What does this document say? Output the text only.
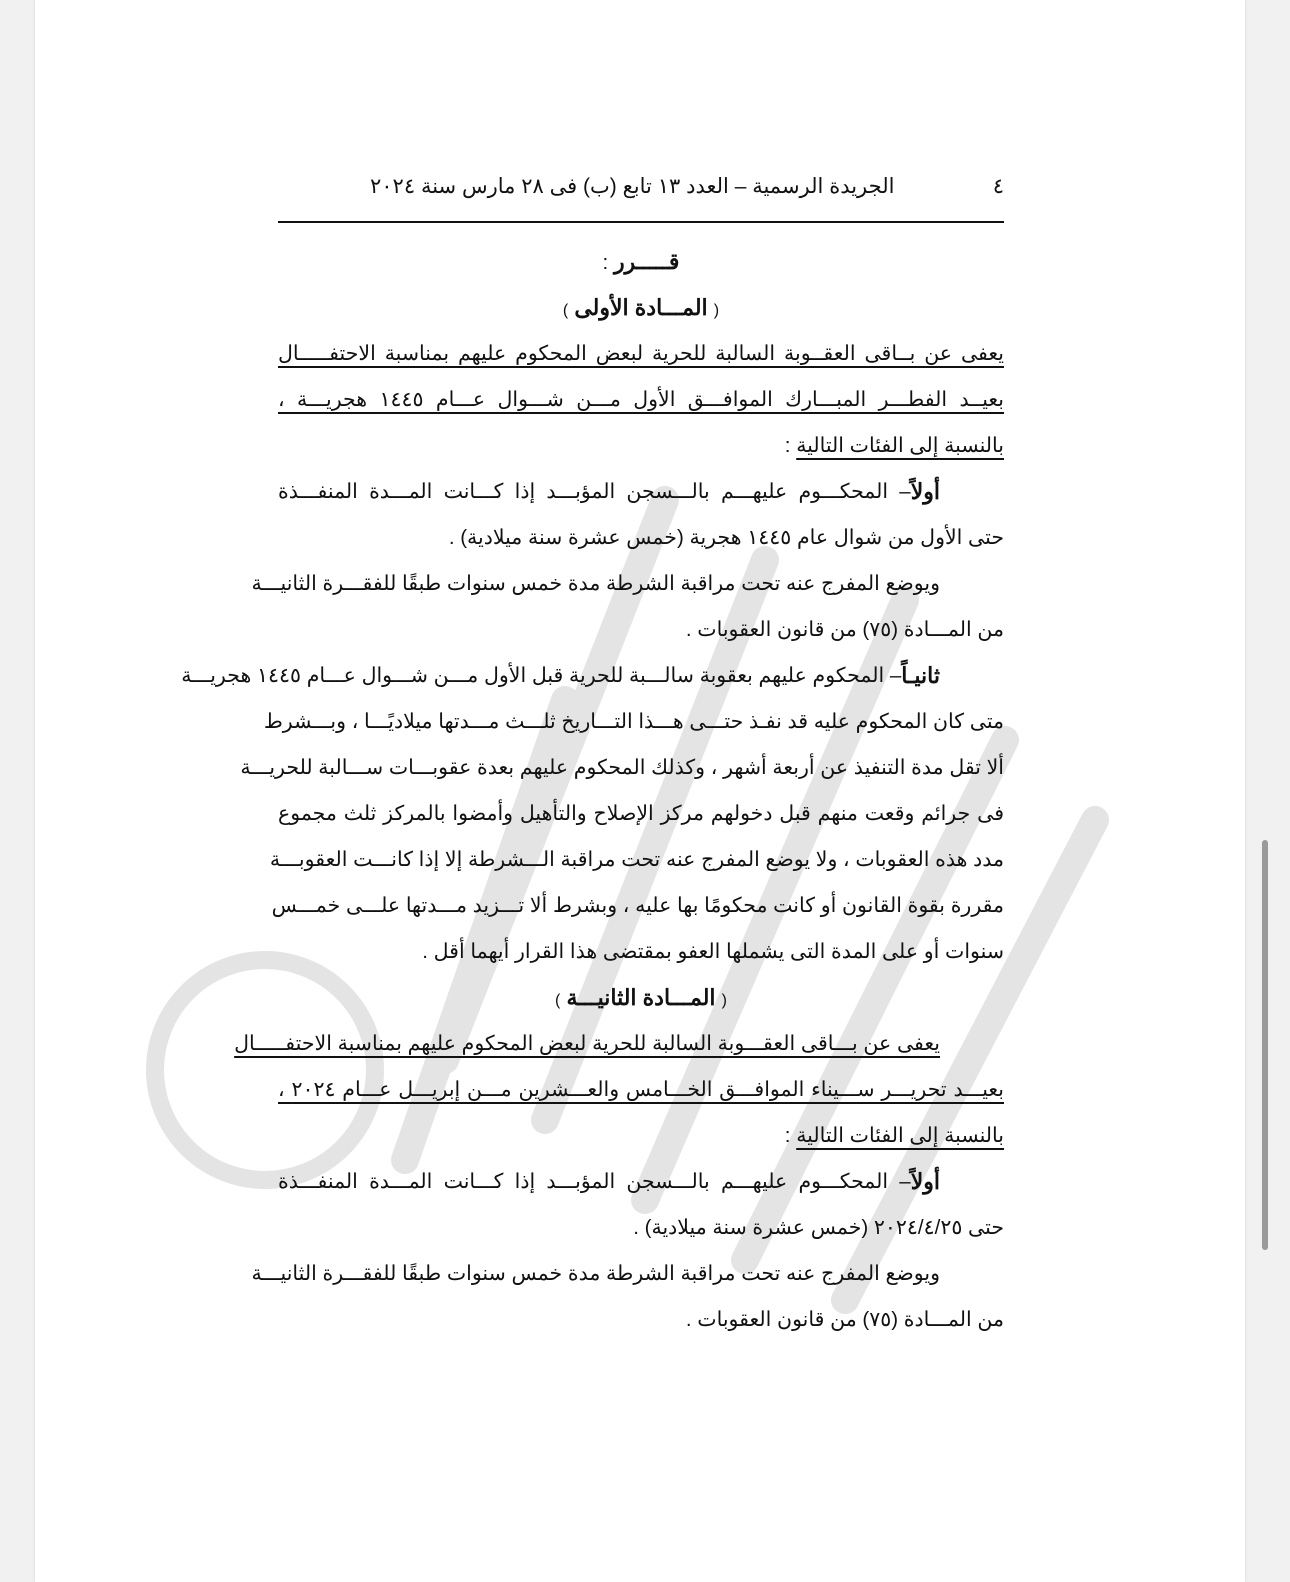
٤
الجريدة الرسمية – العدد ١٣ تابع (ب) فى ٢٨ مارس سنة ٢٠٢٤
قـــــرر :
( المـــادة الأولى )
يعفى عن بــاقى العقــوبة السالبة للحرية لبعض المحكوم عليهم بمناسبة الاحتفـــــال
بعيــد الفطـــر المبـــارك الموافـــق الأول مـــن شـــوال عـــام ١٤٤٥ هجريـــة ،
بالنسبة إلى الفئات التالية :
أولاً
– المحكـــوم عليهـــم بالـــسجن المؤبـــد إذا كـــانت المـــدة المنفـــذة
حتى الأول من شوال عام ١٤٤٥ هجرية (خمس عشرة سنة ميلادية) .
ويوضع المفرج عنه تحت مراقبة الشرطة مدة خمس سنوات طبقًا للفقـــرة الثانيـــة
من المـــادة (٧٥) من قانون العقوبات .
ثانيـاً
– المحكوم عليهم بعقوبة سالـــبة للحرية قبل الأول مـــن شـــوال عـــام ١٤٤٥ هجريـــة
متى كان المحكوم عليه قد نفـذ حتـــى هـــذا التـــاريخ ثلـــث مـــدتها ميلاديًـــا ، وبـــشرط
ألا تقل مدة التنفيذ عن أربعة أشهر ، وكذلك المحكوم عليهم بعدة عقوبـــات ســـالبة للحريـــة
فى جرائم وقعت منهم قبل دخولهم مركز الإصلاح والتأهيل وأمضوا بالمركز ثلث مجموع
مدد هذه العقوبات ، ولا يوضع المفرج عنه تحت مراقبة الـــشرطة إلا إذا كانـــت العقوبـــة
مقررة بقوة القانون أو كانت محكومًا بها عليه ، وبشرط ألا تـــزيد مـــدتها علـــى خمـــس
سنوات أو على المدة التى يشملها العفو بمقتضى هذا القرار أيهما أقل .
( المـــادة الثانيـــة )
يعفى عن بـــاقى العقـــوبة السالبة للحرية لبعض المحكوم عليهم بمناسبة الاحتفـــــال
بعيـــد تحريـــر ســـيناء الموافـــق الخـــامس والعـــشرين مـــن إبريـــل عـــام ٢٠٢٤ ،
بالنسبة إلى الفئات التالية :
أولاً
– المحكـــوم عليهـــم بالـــسجن المؤبـــد إذا كـــانت المـــدة المنفـــذة
حتى ٢٠٢٤/٤/٢٥ (خمس عشرة سنة ميلادية) .
ويوضع المفرج عنه تحت مراقبة الشرطة مدة خمس سنوات طبقًا للفقـــرة الثانيـــة
من المـــادة (٧٥) من قانون العقوبات .
